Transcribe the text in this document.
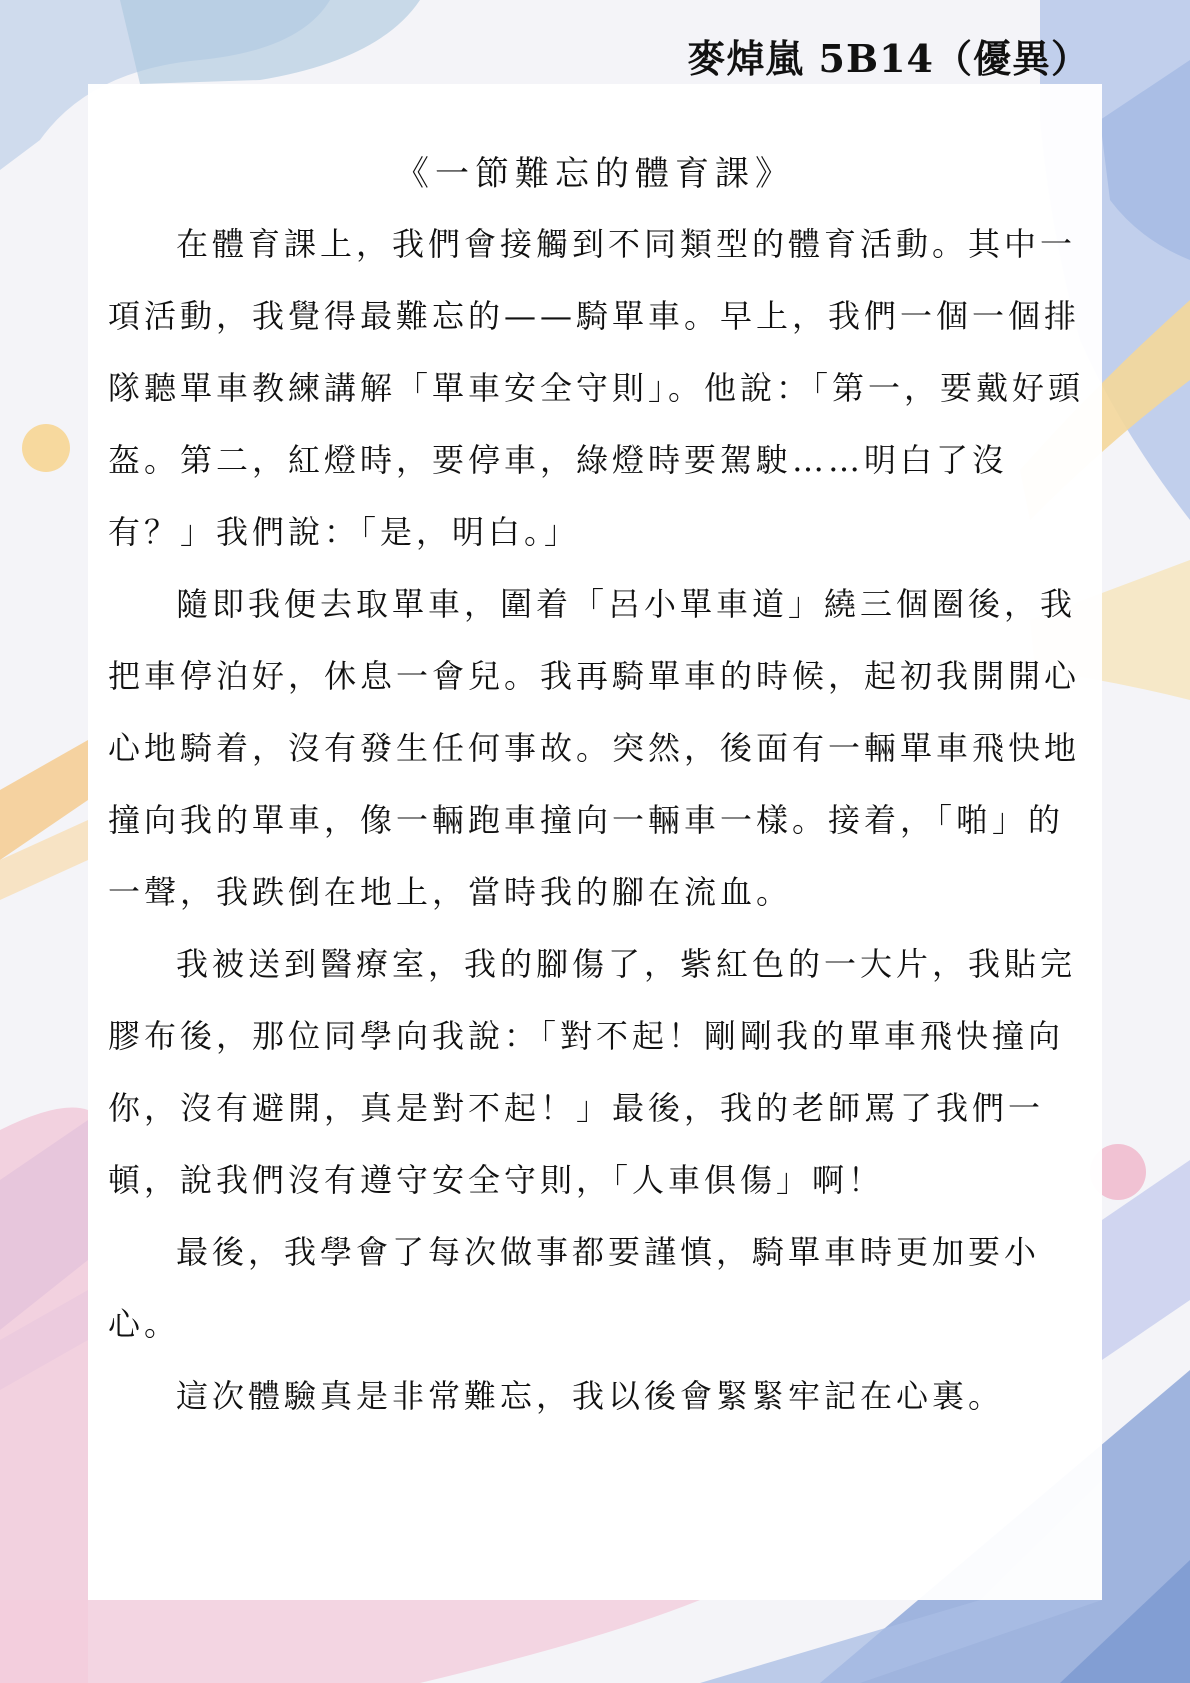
麥焯嵐 5B14（優異）
《一節難忘的體育課》

在體育課上，我們會接觸到不同類型的體育活動。其中一項活動，我覺得最難忘的——騎單車。早上，我們一個一個排隊聽單車教練講解「單車安全守則」。他說：「第一，要戴好頭盔。第二，紅燈時，要停車，綠燈時要駕駛……明白了沒有？」我們說：「是，明白。」

隨即我便去取單車，圍着「呂小單車道」繞三個圈後，我把車停泊好，休息一會兒。我再騎單車的時候，起初我開開心心地騎着，沒有發生任何事故。突然，後面有一輛單車飛快地撞向我的單車，像一輛跑車撞向一輛車一樣。接着，「啪」的一聲，我跌倒在地上，當時我的腳在流血。

我被送到醫療室，我的腳傷了，紫紅色的一大片，我貼完膠布後，那位同學向我說：「對不起！剛剛我的單車飛快撞向你，沒有避開，真是對不起！」最後，我的老師罵了我們一頓，說我們沒有遵守安全守則，「人車俱傷」啊！

最後，我學會了每次做事都要謹慎，騎單車時更加要小心。

這次體驗真是非常難忘，我以後會緊緊牢記在心裏。
